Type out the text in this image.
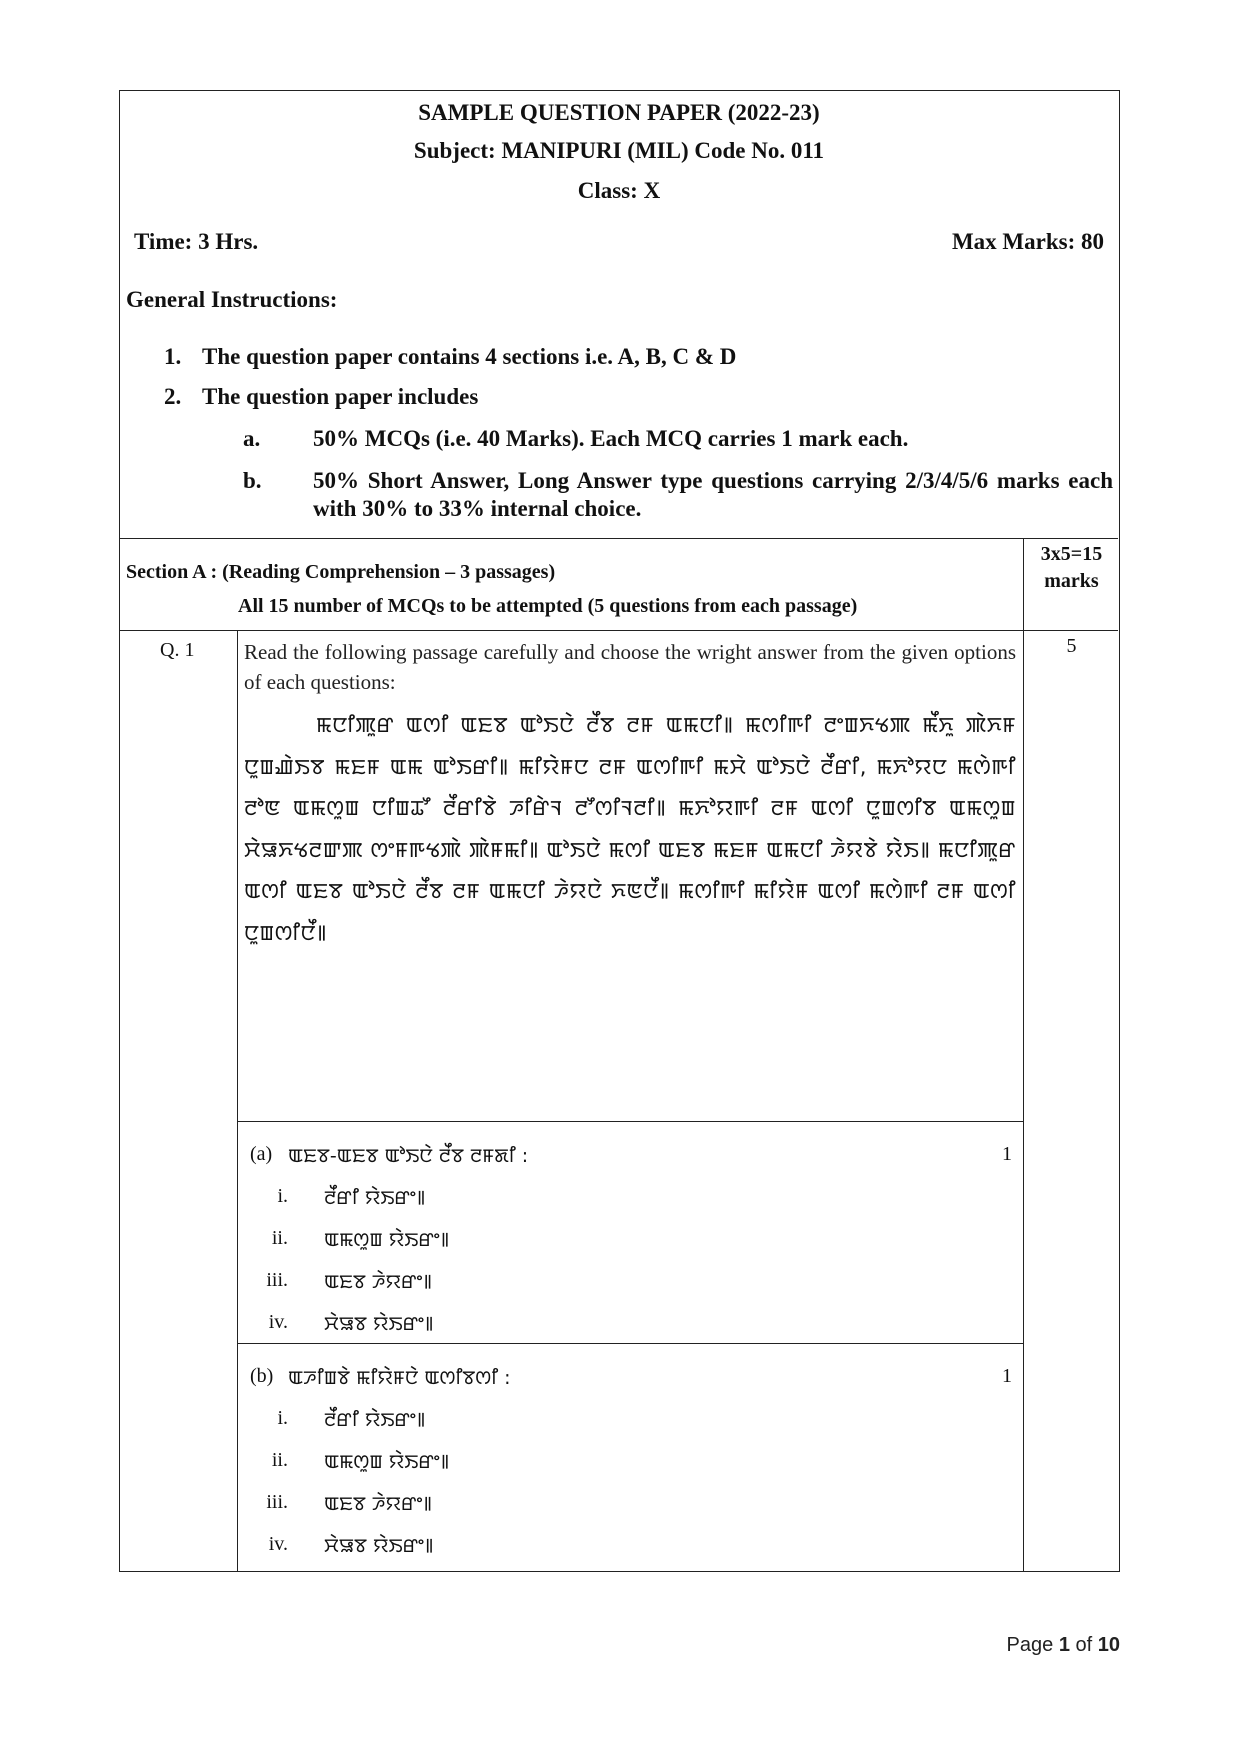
SAMPLE QUESTION PAPER (2022-23)
Subject: MANIPURI (MIL) Code No. 011
Class: X
Time: 3 Hrs.	Max Marks: 80
General Instructions:
1. The question paper contains 4 sections i.e. A, B, C & D
2. The question paper includes
a. 50% MCQs (i.e. 40 Marks). Each MCQ carries 1 mark each.
b. 50% Short Answer, Long Answer type questions carrying 2/3/4/5/6 marks each with 30% to 33% internal choice.
Section A : (Reading Comprehension – 3 passages)
All 15 number of MCQs to be attempted (5 questions from each passage)
3x5=15 marks
Q. 1	5
Read the following passage carefully and choose the wright answer from the given options of each questions:
ꯃꯅꯤꯄꯨꯔ ꯑꯁꯤ ꯑꯐꯕ ꯑꯣꯏꯅꯥ ꯂꯩꯕ ꯂꯝ ꯑꯃꯅꯤ꯫ ꯃꯁꯤꯒꯤ ꯂꯦꯡꯈꯠꯄ ꯃꯩꯈꯨ ꯄꯥꯈꯝ ꯅꯨꯡꯉꯥꯏꯕ ꯃꯐꯝ ꯑꯃ ꯑꯣꯏꯔꯤ꯫ ꯃꯤꯌꯥꯝꯅ ꯂꯝ ꯑꯁꯤꯒꯤ ꯃꯆꯥ ꯑꯣꯏꯅꯥ ꯂꯩꯔꯤ, ꯃꯈꯣꯌꯅ ꯃꯁꯥꯒꯤ ꯂꯣꯟ ꯑꯃꯁꯨꯡ ꯅꯤꯡꯊꯧ ꯂꯩꯔꯤꯕꯥ ꯍꯤꯔꯥꯜ ꯂꯧꯁꯤꯜꯂꯤ꯫ ꯃꯈꯣꯌꯒꯤ ꯂꯝ ꯑꯁꯤ ꯅꯨꯡꯁꯤꯕ ꯑꯃꯁꯨꯡ ꯆꯥꯎꯈꯠꯂꯛꯄ ꯁꯦꯝꯒꯠꯄꯥ ꯄꯥꯝꯃꯤ꯫ ꯑꯣꯏꯅꯥ ꯃꯁꯤ ꯑꯐꯕ ꯃꯐꯝ ꯑꯃꯅꯤ ꯍꯥꯌꯕꯥ ꯌꯥꯏ꯫ ꯃꯅꯤꯄꯨꯔ ꯑꯁꯤ ꯑꯐꯕ ꯑꯣꯏꯅꯥ ꯂꯩꯕ ꯂꯝ ꯑꯃꯅꯤ ꯍꯥꯌꯅꯥ ꯈꯟꯅꯩ꯫ ꯃꯁꯤꯒꯤ ꯃꯤꯌꯥꯝ ꯑꯁꯤ ꯃꯁꯥꯒꯤ ꯂꯝ ꯑꯁꯤ ꯅꯨꯡꯁꯤꯅꯩ꯫
(a) ꯑꯐꯕ-ꯑꯐꯕ ꯑꯣꯏꯅꯥ ꯂꯩꯕ ꯂꯝꯗꯤ :	1
i. ꯂꯩꯔꯤ ꯌꯥꯏꯔꯦ꯫
ii. ꯑꯃꯁꯨꯡ ꯌꯥꯏꯔꯦ꯫
iii. ꯑꯐꯕ ꯍꯥꯌꯔꯦ꯫
iv. ꯆꯥꯎꯕ ꯌꯥꯏꯔꯦ꯫
(b) ꯑꯍꯤꯡꯕꯥ ꯃꯤꯌꯥꯝꯅꯥ ꯑꯁꯤꯕꯁꯤ :	1
i. ꯂꯩꯔꯤ ꯌꯥꯏꯔꯦ꯫
ii. ꯑꯃꯁꯨꯡ ꯌꯥꯏꯔꯦ꯫
iii. ꯑꯐꯕ ꯍꯥꯌꯔꯦ꯫
iv. ꯆꯥꯎꯕ ꯌꯥꯏꯔꯦ꯫
Page 1 of 10
